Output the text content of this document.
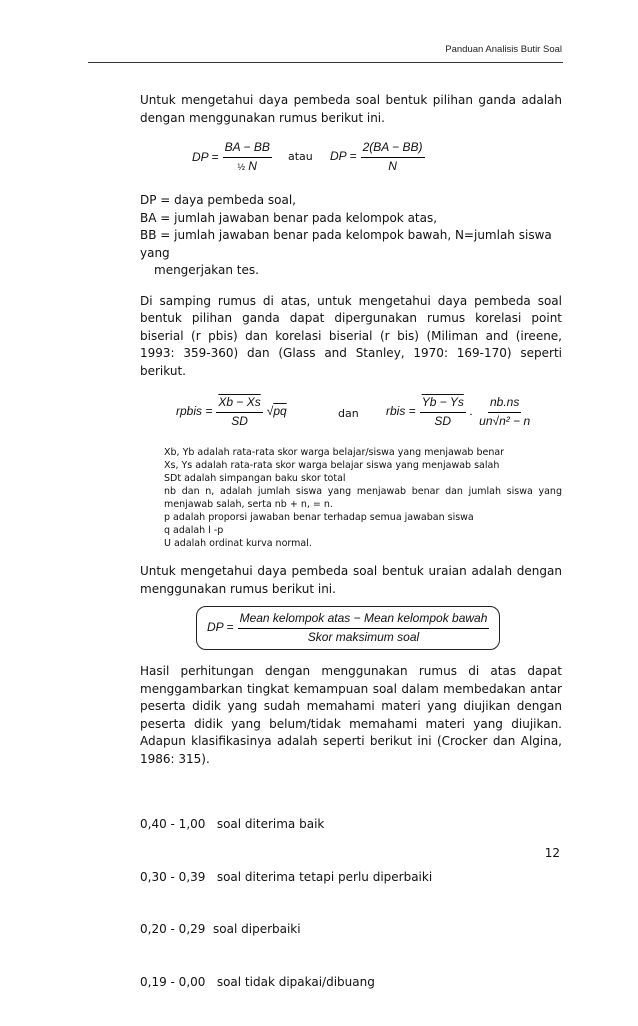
Panduan Analisis Butir Soal

Untuk mengetahui daya pembeda soal bentuk pilihan ganda adalah dengan menggunakan rumus berikut ini.

DP = $\frac{BA - BB}{\text{½ N}}$ atau DP = $\frac{2(BA - BB)}{N}$
DP = daya pembeda soal,
BA = jumlah jawaban benar pada kelompok atas,
BB = jumlah jawaban benar pada kelompok bawah, N=jumlah siswa yang
mengerjakan tes.

Di samping rumus di atas, untuk mengetahui daya pembeda soal bentuk pilihan ganda dapat dipergunakan rumus korelasi point biserial (r pbis) dan korelasi biserial (r bis) (Miliman and (ireene, 1993: 359-360) dan (Glass and Stanley, 1970: 169-170) seperti berikut.

rpbis = $\frac{Xb - Xs}{SD} √pq$	dan rbis = $\frac{Yb - Ys}{SD}$ . $\frac{nb.ns}{\text{un√n² − n}}$
Xb, Yb adalah rata-rata skor warga belajar/siswa yang menjawab benar
Xs, Ys adalah rata-rata skor warga belajar siswa yang menjawab salah
SDt adalah simpangan baku skor total
nb dan n, adalah jumlah siswa yang menjawab benar dan jumlah siswa yang menjawab salah, serta nb + n, = n.
p adalah proporsi jawaban benar terhadap semua jawaban siswa
q adalah l -p
U adalah ordinat kurva normal.

Untuk mengetahui daya pembeda soal bentuk uraian adalah dengan menggunakan rumus berikut ini.

DP = $\frac{\text{Mean kelompok atas − Mean kelompok bawah}}{\text{Skor maksimum soal}}$

Hasil perhitungan dengan menggunakan rumus di atas dapat menggambarkan tingkat kemampuan soal dalam membedakan antar peserta didik yang sudah memahami materi yang diujikan dengan peserta didik yang belum/tidak memahami materi yang diujikan. Adapun klasifikasinya adalah seperti berikut ini (Crocker dan Algina, 1986: 315).

0,40 - 1,00   soal diterima baik

0,30 - 0,39   soal diterima tetapi perlu diperbaiki

0,20 - 0,29  soal diperbaiki

0,19 - 0,00   soal tidak dipakai/dibuang

12
